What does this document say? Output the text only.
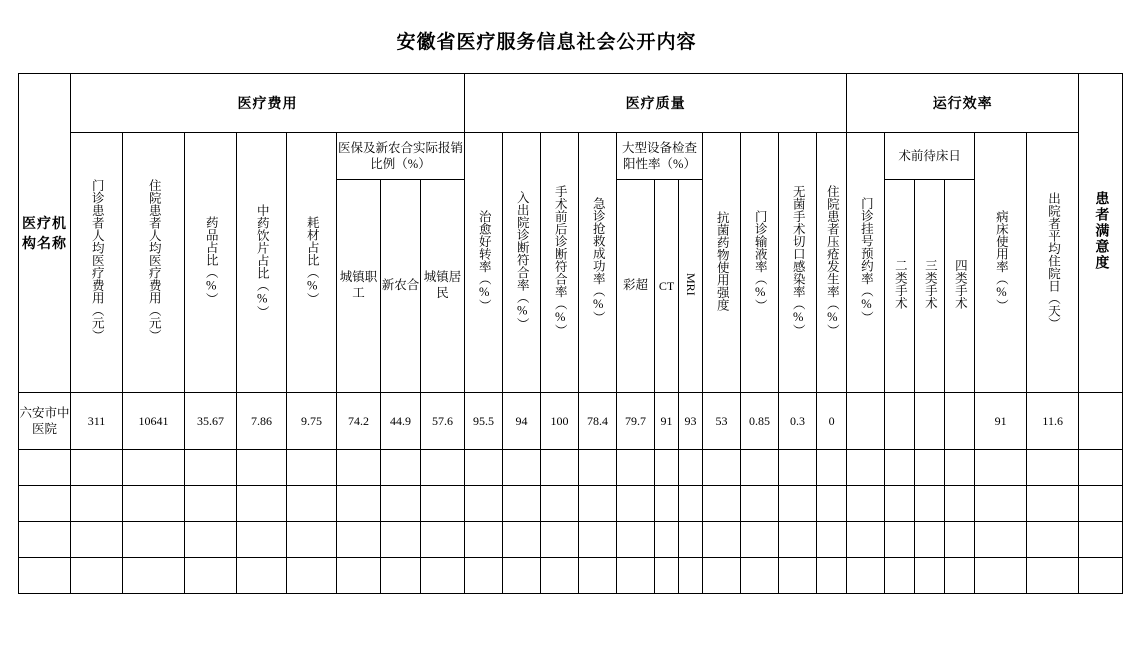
安徽省医疗服务信息社会公开内容
医疗机构名称	医疗费用								医疗质量											运行效率						患者满意度
	门诊患者人均医疗费用（元）	住院患者人均医疗费用（元）	药品占比（%）	中药饮片占比（%）	耗材占比（%）	医保及新农合实际报销比例（%）			治愈好转率（%）	入出院诊断符合率（%）	手术前后诊断符合率（%）	急诊抢救成功率（%）	大型设备检查阳性率（%）			抗菌药物使用强度	门诊输液率（%）	无菌手术切口感染率（%）	住院患者压疮发生率（%）	门诊挂号预约率（%）	术前待床日			病床使用率（%）	出院者平均住院日（天）	
						城镇职工	新农合	城镇居民					彩超	CT	MRI						二类手术	三类手术	四类手术			
六安市中医院	311	10641	35.67	7.86	9.75	74.2	44.9	57.6	95.5	94	100	78.4	79.7	91	93	53	0.85	0.3	0					91	11.6	
